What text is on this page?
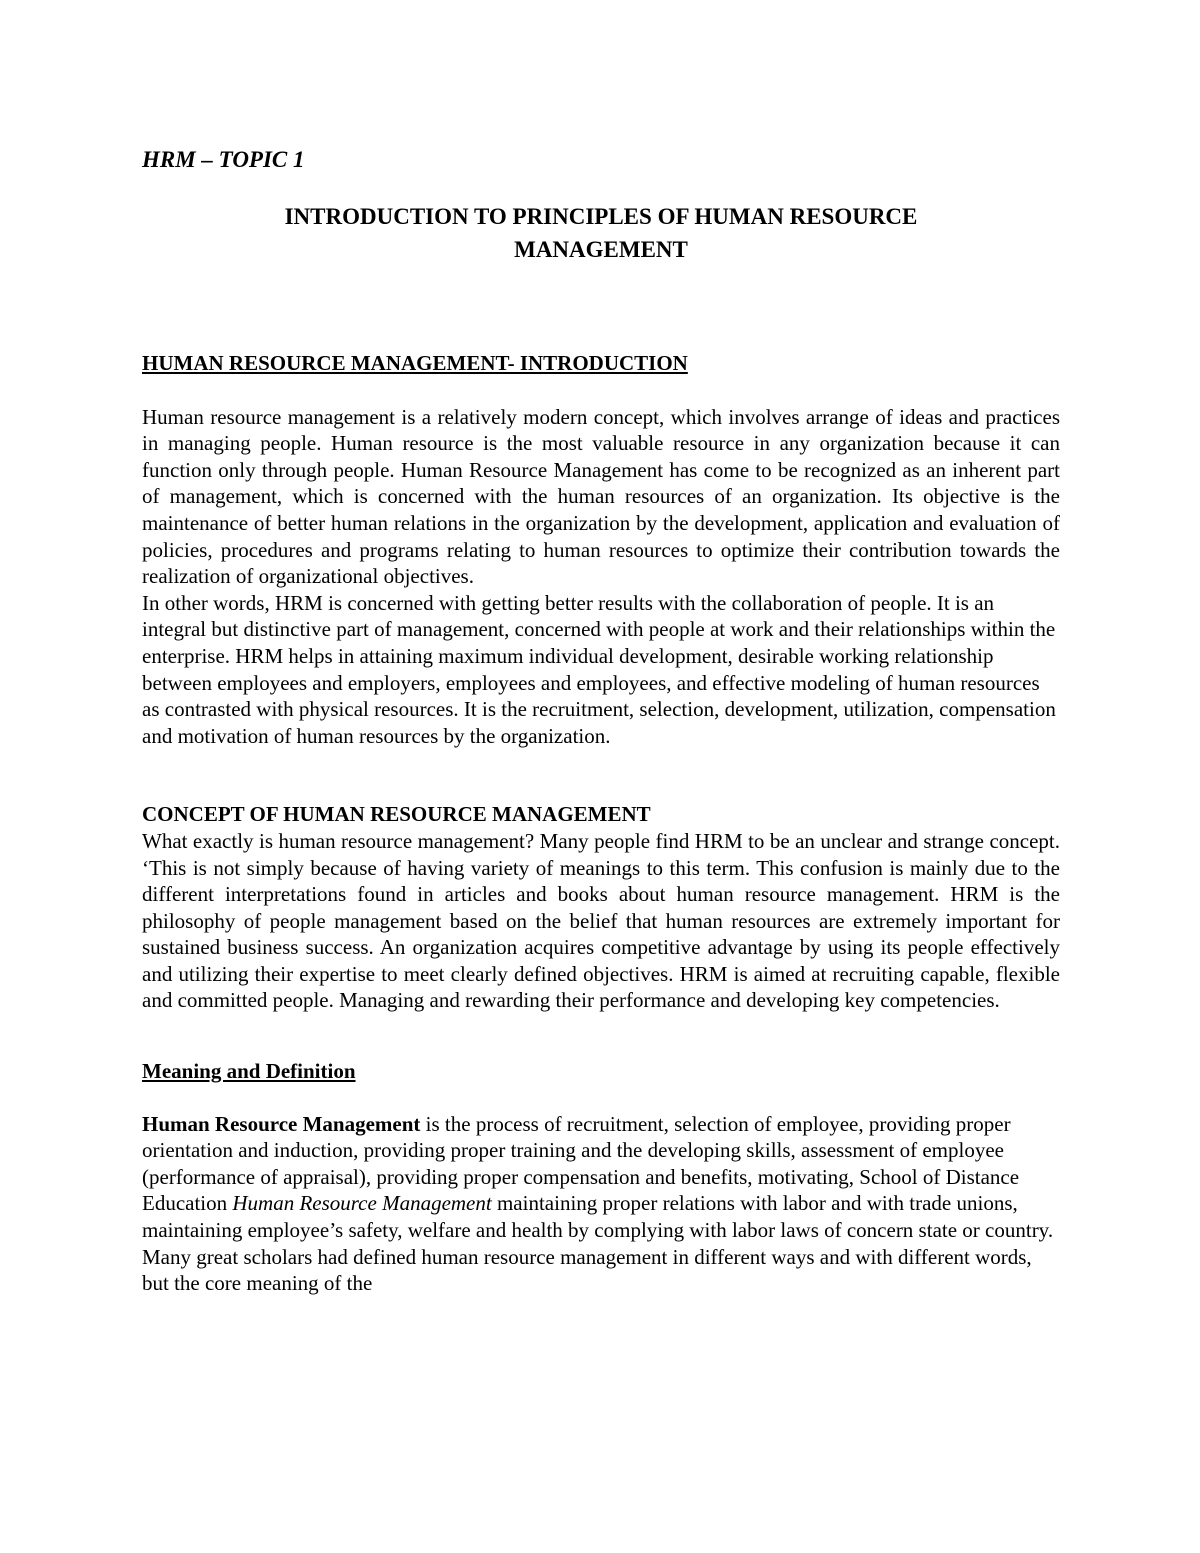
HRM – TOPIC 1
INTRODUCTION TO PRINCIPLES OF HUMAN RESOURCE MANAGEMENT
HUMAN RESOURCE MANAGEMENT- INTRODUCTION

Human resource management is a relatively modern concept, which involves arrange of ideas and practices in managing people. Human resource is the most valuable resource in any organization because it can function only through people. Human Resource Management has come to be recognized as an inherent part of management, which is concerned with the human resources of an organization. Its objective is the maintenance of better human relations in the organization by the development, application and evaluation of policies, procedures and programs relating to human resources to optimize their contribution towards the realization of organizational objectives.

In other words, HRM is concerned with getting better results with the collaboration of people. It is an integral but distinctive part of management, concerned with people at work and their relationships within the enterprise. HRM helps in attaining maximum individual development, desirable working relationship between employees and employers, employees and employees, and effective modeling of human resources as contrasted with physical resources. It is the recruitment, selection, development, utilization, compensation and motivation of human resources by the organization.

CONCEPT OF HUMAN RESOURCE MANAGEMENT

What exactly is human resource management? Many people find HRM to be an unclear and strange concept. ‘This is not simply because of having variety of meanings to this term. This confusion is mainly due to the different interpretations found in articles and books about human resource management. HRM is the philosophy of people management based on the belief that human resources are extremely important for sustained business success. An organization acquires competitive advantage by using its people effectively and utilizing their expertise to meet clearly defined objectives. HRM is aimed at recruiting capable, flexible and committed people. Managing and rewarding their performance and developing key competencies.

Meaning and Definition

Human Resource Management is the process of recruitment, selection of employee, providing proper orientation and induction, providing proper training and the developing skills, assessment of employee (performance of appraisal), providing proper compensation and benefits, motivating, School of Distance Education Human Resource Management maintaining proper relations with labor and with trade unions, maintaining employee’s safety, welfare and health by complying with labor laws of concern state or country. Many great scholars had defined human resource management in different ways and with different words, but the core meaning of the
